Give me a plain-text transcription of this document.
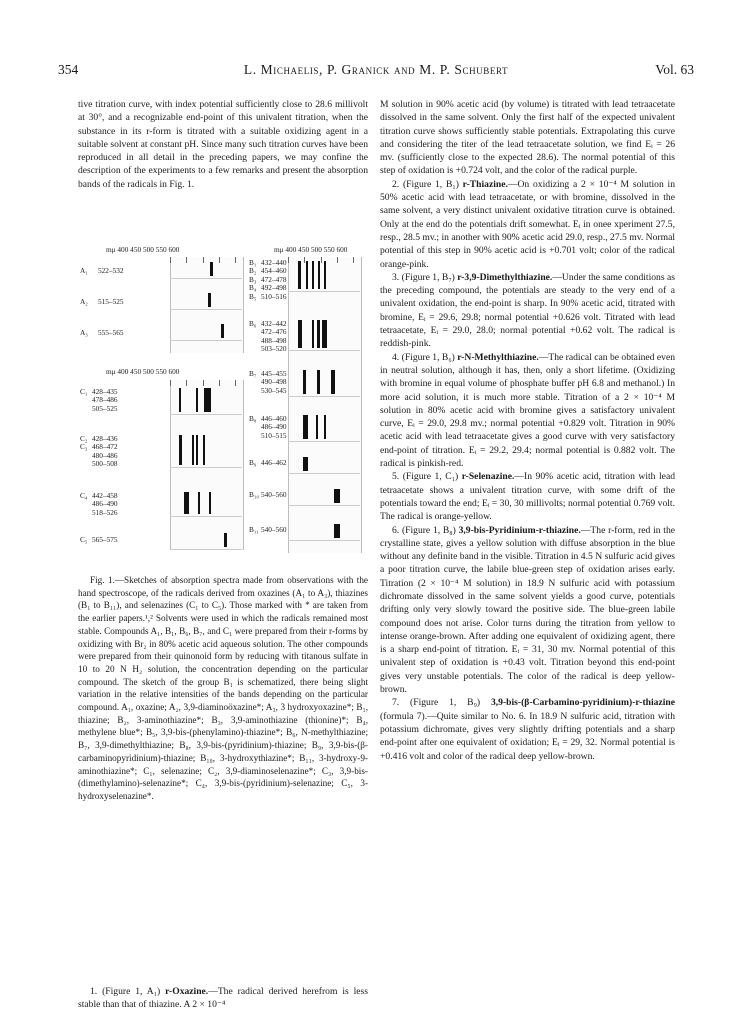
354	L. Michaelis, P. Granick and M. P. Schubert	Vol. 63

tive titration curve, with index potential sufficiently close to 28.6 millivolt at 30°, and a recognizable end-point of this univalent titration, when the substance in its r-form is titrated with a suitable oxidizing agent in a suitable solvent at constant pH. Since many such titration curves have been reproduced in all detail in the preceding papers, we may confine the description of the experiments to a few remarks and present the absorption bands of the radicals in Fig. 1.

mμ 400 450 500 550 600	mμ 400 450 500 550 600
mμ 400 450 500 550 600
A₁ 522–532
A₂ 515–525
A₃ 555–565
C₁ 428–435
478–486
505–525
C₂
C₃
428–436
468–472
480–486
500–508
C₄ 442–458
486–490
518–526
C₅ 565–575
B₁
B₂
B₃
B₄
B₅
432–440
454–460
472–478
492–498
510–516
B₆ 432–442
472–476
488–498
503–520
B₇ 445–455
490–498
530–545
B₈ 446–460
486–490
510–515
B₉ 446–462
B₁₀ 540–560
B₁₁ 540–560

Fig. 1.—Sketches of absorption spectra made from observations with the hand spectroscope, of the radicals derived from oxazines (A₁ to A₃), thiazines (B₁ to B₁₁), and selenazines (C₁ to C₅). Those marked with * are taken from the earlier papers.¹,² Solvents were used in which the radicals remained most stable. Compounds A₁, B₁, B₆, B₇, and C₁ were prepared from their r-forms by oxidizing with Br₂ in 80% acetic acid aqueous solution. The other compounds were prepared from their quinonoid form by reducing with titanous sulfate in 10 to 20 N H₂ solution, the concentration depending on the particular compound. The sketch of the group B₁ is schematized, there being slight variation in the relative intensities of the bands depending on the particular compound. A₁, oxazine; A₂, 3,9-diaminoöxazine*; A₃, 3 hydroxyoxazine*; B₁, thiazine; B₂, 3-aminothiazine*; B₃, 3,9-aminothiazine (thionine)*; B₄, methylene blue*; B₅, 3,9-bis-(phenylamino)-thiazine*; B₆, N-methylthiazine; B₇, 3,9-dimethylthiazine; B₈, 3,9-bis-(pyridinium)-thiazine; B₉, 3,9-bis-(β-carbaminopyridinium)-thiazine; B₁₀, 3-hydroxythiazine*; B₁₁, 3-hydroxy-9-aminothiazine*; C₁, selenazine; C₂, 3,9-diaminoselenazine*; C₃, 3,9-bis-(dimethylamino)-selenazine*; C₄, 3,9-bis-(pyridinium)-selenazine; C₅, 3-hydroxyselenazine*.

1. (Figure 1, A₁) r-Oxazine.—The radical derived herefrom is less stable than that of thiazine. A 2 × 10⁻⁴

M solution in 90% acetic acid (by volume) is titrated with lead tetraacetate dissolved in the same solvent. Only the first half of the expected univalent titration curve shows sufficiently stable potentials. Extrapolating this curve and considering the titer of the lead tetraacetate solution, we find Eᵢ = 26 mv. (sufficiently close to the expected 28.6). The normal potential of this step of oxidation is +0.724 volt, and the color of the radical purple.

2. (Figure 1, B₁) r-Thiazine.—On oxidizing a 2 × 10⁻⁴ M solution in 50% acetic acid with lead tetraacetate, or with bromine, dissolved in the same solvent, a very distinct univalent oxidative titration curve is obtained. Only at the end do the potentials drift somewhat. Eᵢ in onee xperiment 27.5, resp., 28.5 mv.; in another with 90% acetic acid 29.0, resp., 27.5 mv. Normal potential of this step in 90% acetic acid is +0.701 volt; color of the radical orange-pink.

3. (Figure 1, B₇) r-3,9-Dimethylthiazine.—Under the same conditions as the preceding compound, the potentials are steady to the very end of a univalent oxidation, the end-point is sharp. In 90% acetic acid, titrated with bromine, Eᵢ = 29.6, 29.8; normal potential +0.626 volt. Titrated with lead tetraacetate, Eᵢ = 29.0, 28.0; normal potential +0.62 volt. The radical is reddish-pink.

4. (Figure 1, B₆) r-N-Methylthiazine.—The radical can be obtained even in neutral solution, although it has, then, only a short lifetime. (Oxidizing with bromine in equal volume of phosphate buffer pH 6.8 and methanol.) In more acid solution, it is much more stable. Titration of a 2 × 10⁻⁴ M solution in 80% acetic acid with bromine gives a satisfactory univalent curve, Eᵢ = 29.0, 29.8 mv.; normal potential +0.829 volt. Titration in 90% acetic acid with lead tetraacetate gives a good curve with very satisfactory end-point of titration. Eᵢ = 29.2, 29.4; normal potential is 0.882 volt. The radical is pinkish-red.

5. (Figure 1, C₁) r-Selenazine.—In 90% acetic acid, titration with lead tetraacetate shows a univalent titration curve, with some drift of the potentials toward the end; Eᵢ = 30, 30 millivolts; normal potential 0.769 volt. The radical is orange-yellow.

6. (Figure 1, B₈) 3,9-bis-Pyridinium-r-thiazine.—The r-form, red in the crystalline state, gives a yellow solution with diffuse absorption in the blue without any definite band in the visible. Titration in 4.5 N sulfuric acid gives a poor titration curve, the labile blue-green step of oxidation arises early. Titration (2 × 10⁻⁴ M solution) in 18.9 N sulfuric acid with potassium dichromate dissolved in the same solvent yields a good curve, potentials drifting only very slowly toward the positive side. The blue-green labile compound does not arise. Color turns during the titration from yellow to intense orange-brown. After adding one equivalent of oxidizing agent, there is a sharp end-point of titration. Eᵢ = 31, 30 mv. Normal potential of this univalent step of oxidation is +0.43 volt. Titration beyond this end-point gives very unstable potentials. The color of the radical is deep yellow-brown.

7. (Figure 1, B₉) 3,9-bis-(β-Carbamino-pyridinium)-r-thiazine (formula 7).—Quite similar to No. 6. In 18.9 N sulfuric acid, titration with potassium dichromate, gives very slightly drifting potentials and a sharp end-point after one equivalent of oxidation; Eᵢ = 29, 32. Normal potential is +0.416 volt and color of the radical deep yellow-brown.
